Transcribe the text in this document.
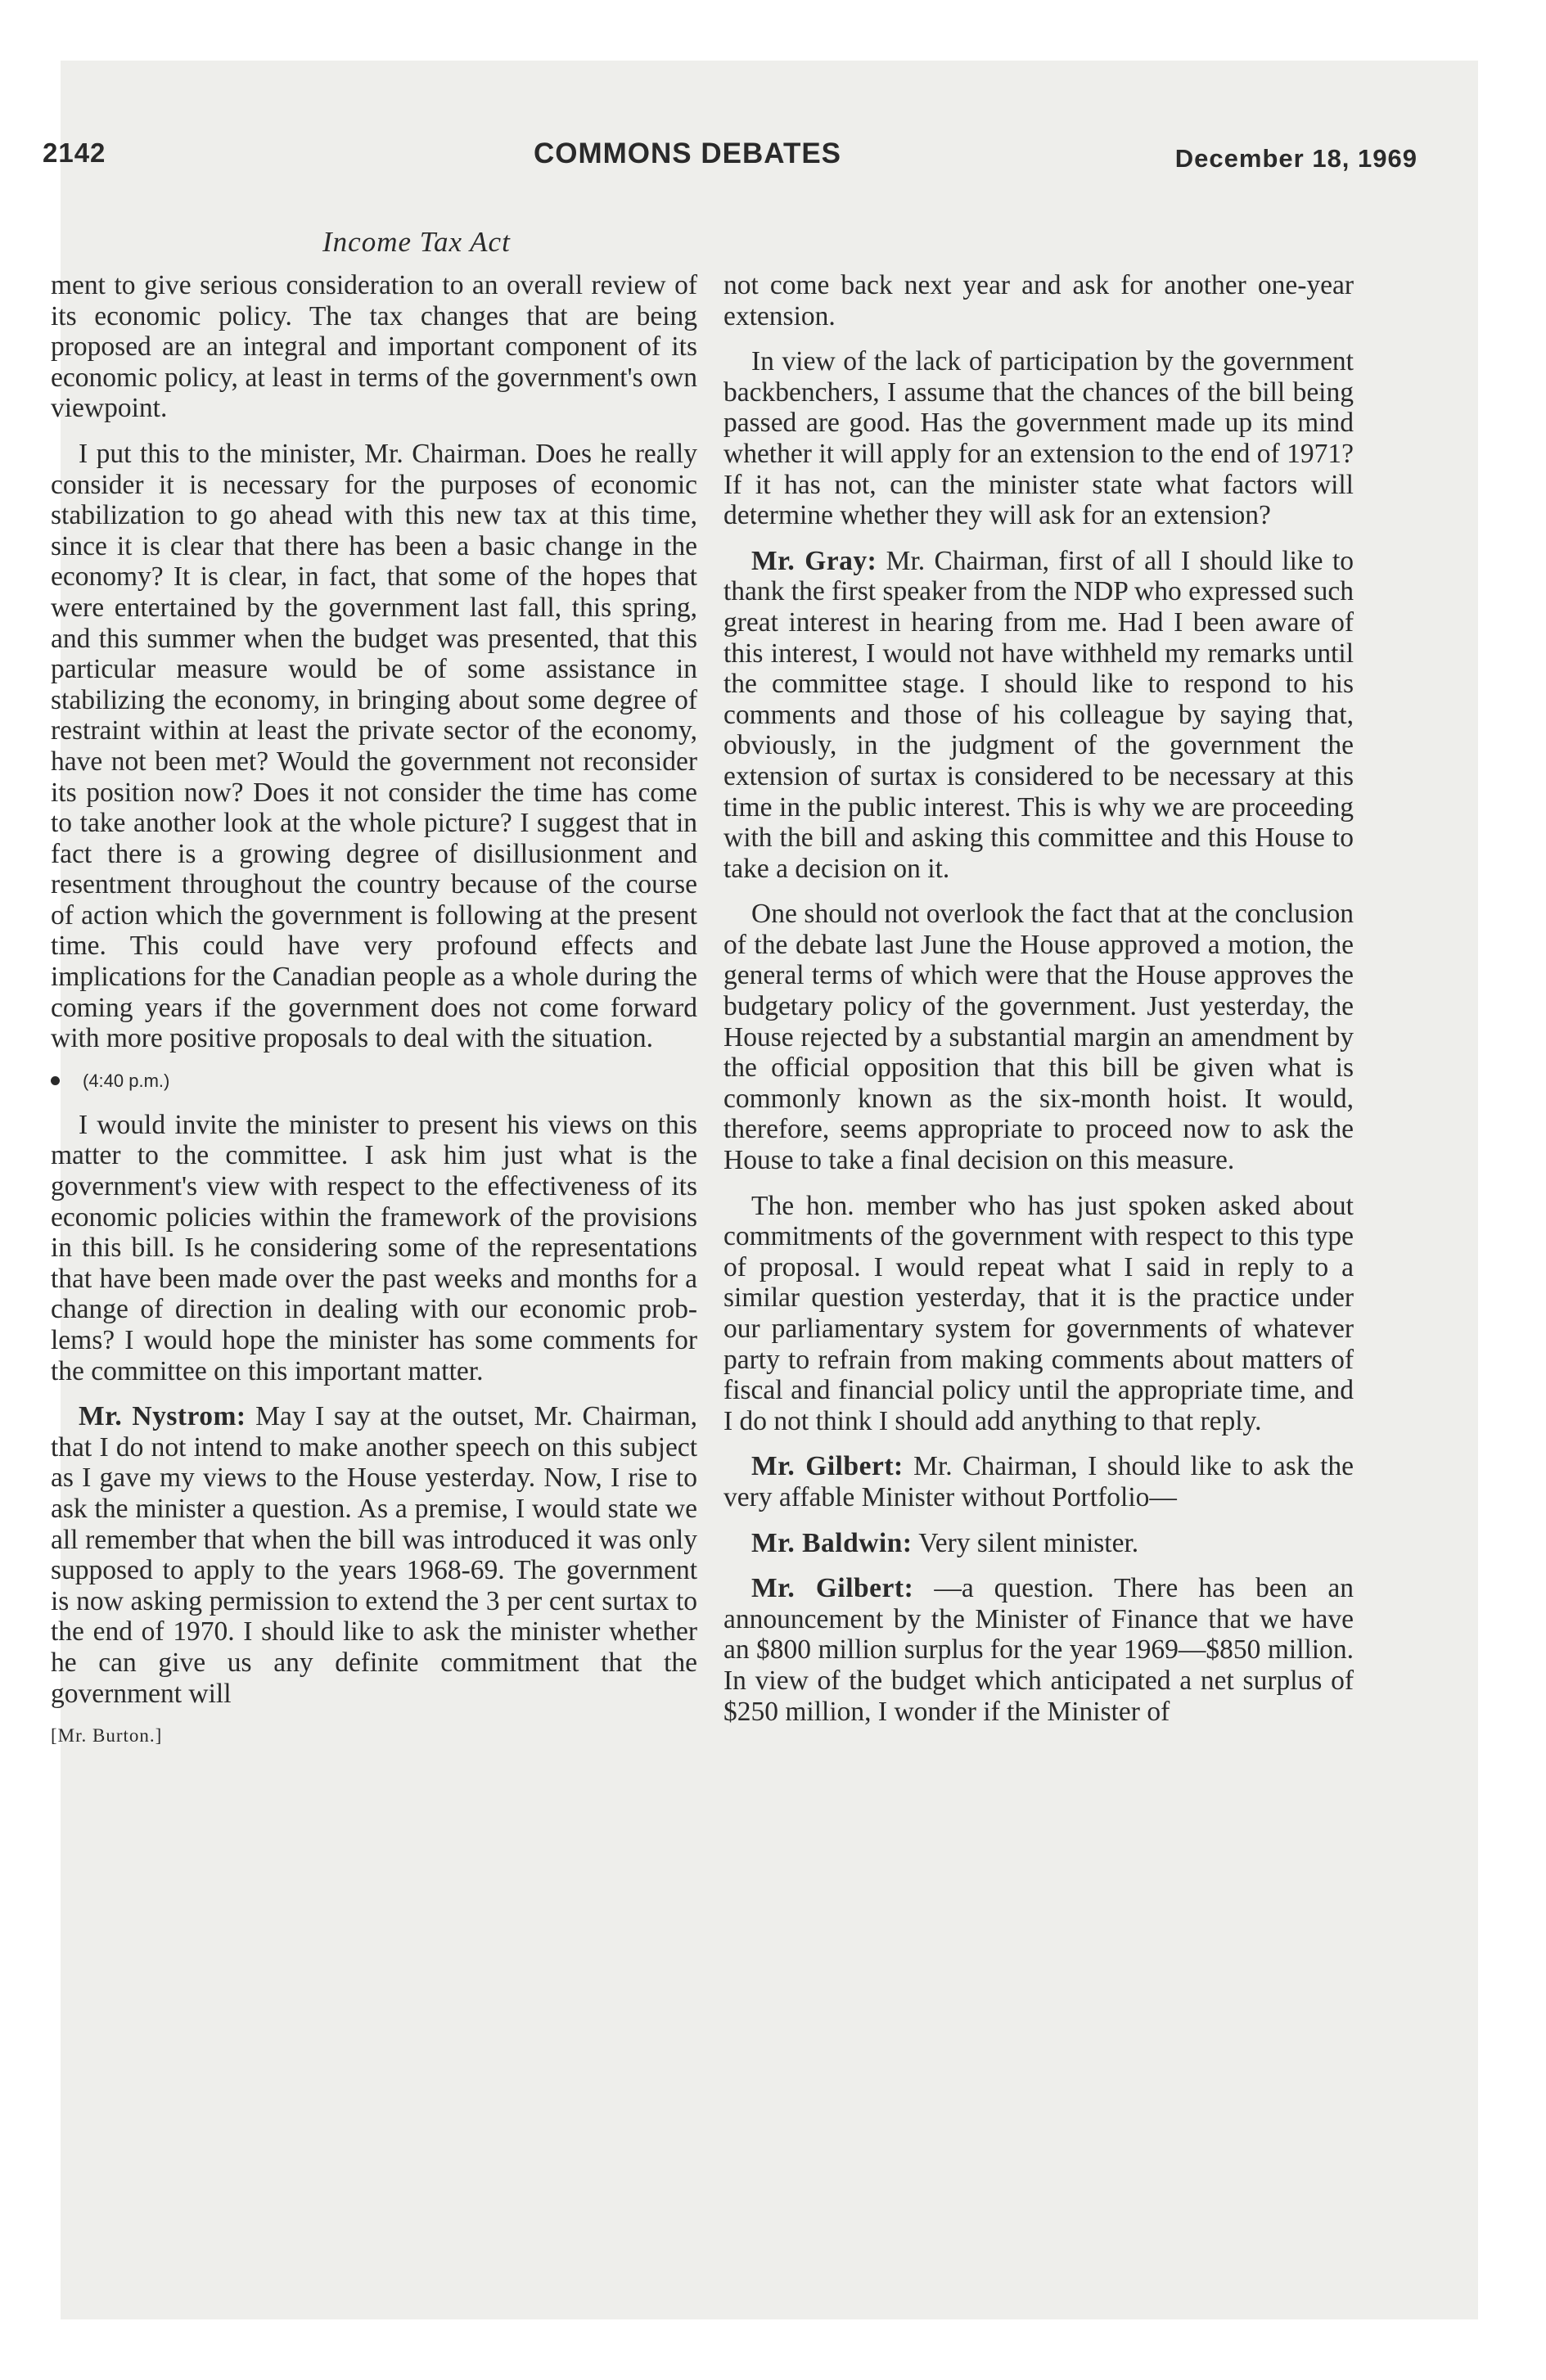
2142	COMMONS DEBATES	December 18, 1969
Income Tax Act

ment to give serious consideration to an overall review of its economic policy. The tax changes that are being proposed are an integral and important component of its economic policy, at least in terms of the government's own viewpoint.

I put this to the minister, Mr. Chairman. Does he really consider it is necessary for the purposes of economic stabilization to go ahead with this new tax at this time, since it is clear that there has been a basic change in the economy? It is clear, in fact, that some of the hopes that were entertained by the government last fall, this spring, and this summer when the budget was presented, that this particular measure would be of some assistance in stabilizing the economy, in bringing about some degree of restraint within at least the private sector of the economy, have not been met? Would the government not reconsider its position now? Does it not consider the time has come to take another look at the whole picture? I suggest that in fact there is a growing degree of disillusionment and resentment throughout the country because of the course of action which the government is following at the present time. This could have very profound effects and implications for the Canadian people as a whole during the coming years if the government does not come forward with more positive proposals to deal with the situation.

(4:40 p.m.)

I would invite the minister to present his views on this matter to the committee. I ask him just what is the government's view with respect to the effectiveness of its economic policies within the framework of the provisions in this bill. Is he considering some of the representations that have been made over the past weeks and months for a change of direction in dealing with our economic problems? I would hope the minister has some comments for the committee on this important matter.

Mr. Nystrom: May I say at the outset, Mr. Chairman, that I do not intend to make another speech on this subject as I gave my views to the House yesterday. Now, I rise to ask the minister a question. As a premise, I would state we all remember that when the bill was introduced it was only supposed to apply to the years 1968-69. The government is now asking permission to extend the 3 per cent surtax to the end of 1970. I should like to ask the minister whether he can give us any definite commitment that the government will

[Mr. Burton.]

not come back next year and ask for another one-year extension.

In view of the lack of participation by the government backbenchers, I assume that the chances of the bill being passed are good. Has the government made up its mind whether it will apply for an extension to the end of 1971? If it has not, can the minister state what factors will determine whether they will ask for an extension?

Mr. Gray: Mr. Chairman, first of all I should like to thank the first speaker from the NDP who expressed such great interest in hearing from me. Had I been aware of this interest, I would not have withheld my remarks until the committee stage. I should like to respond to his comments and those of his colleague by saying that, obviously, in the judgment of the government the extension of surtax is considered to be necessary at this time in the public interest. This is why we are proceeding with the bill and asking this committee and this House to take a decision on it.

One should not overlook the fact that at the conclusion of the debate last June the House approved a motion, the general terms of which were that the House approves the budgetary policy of the government. Just yesterday, the House rejected by a substantial margin an amendment by the official opposition that this bill be given what is commonly known as the six-month hoist. It would, therefore, seems appropriate to proceed now to ask the House to take a final decision on this measure.

The hon. member who has just spoken asked about commitments of the government with respect to this type of proposal. I would repeat what I said in reply to a similar question yesterday, that it is the practice under our parliamentary system for governments of whatever party to refrain from making comments about matters of fiscal and financial policy until the appropriate time, and I do not think I should add anything to that reply.

Mr. Gilbert: Mr. Chairman, I should like to ask the very affable Minister without Portfolio—

Mr. Baldwin: Very silent minister.

Mr. Gilbert: —a question. There has been an announcement by the Minister of Finance that we have an $800 million surplus for the year 1969—$850 million. In view of the budget which anticipated a net surplus of $250 million, I wonder if the Minister of
